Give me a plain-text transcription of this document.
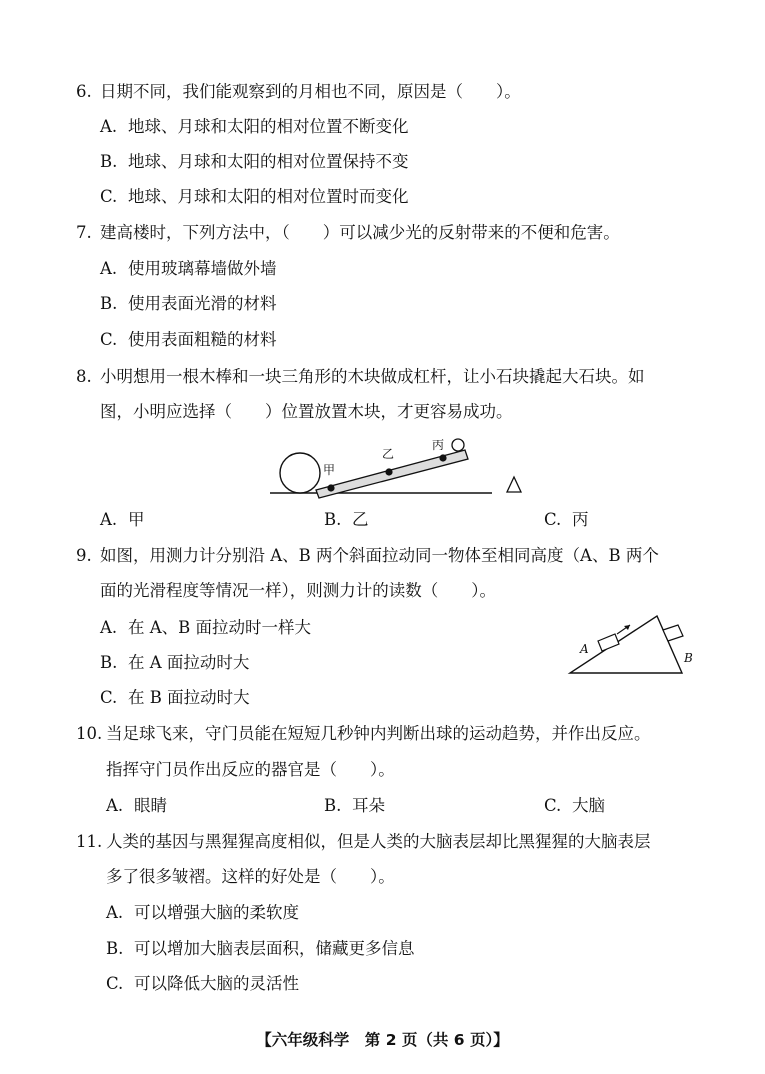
6. 日期不同，我们能观察到的月相也不同，原因是（　　）。
A. 地球、月球和太阳的相对位置不断变化
B. 地球、月球和太阳的相对位置保持不变
C. 地球、月球和太阳的相对位置时而变化
7. 建高楼时，下列方法中，（　　）可以减少光的反射带来的不便和危害。
A. 使用玻璃幕墙做外墙
B. 使用表面光滑的材料
C. 使用表面粗糙的材料
8. 小明想用一根木棒和一块三角形的木块做成杠杆，让小石块撬起大石块。如
图，小明应选择（　　）位置放置木块，才更容易成功。
甲
乙
丙
A. 甲	B. 乙	C. 丙
9. 如图，用测力计分别沿 A、B 两个斜面拉动同一物体至相同高度（A、B 两个
面的光滑程度等情况一样），则测力计的读数（　　）。
A. 在 A、B 面拉动时一样大
B. 在 A 面拉动时大
C. 在 B 面拉动时大
A
B
10. 当足球飞来，守门员能在短短几秒钟内判断出球的运动趋势，并作出反应。
指挥守门员作出反应的器官是（　　）。
A. 眼睛	B. 耳朵	C. 大脑
11. 人类的基因与黑猩猩高度相似，但是人类的大脑表层却比黑猩猩的大脑表层
多了很多皱褶。这样的好处是（　　）。
A. 可以增强大脑的柔软度
B. 可以增加大脑表层面积，储藏更多信息
C. 可以降低大脑的灵活性
【六年级科学　第 2 页（共 6 页）】
